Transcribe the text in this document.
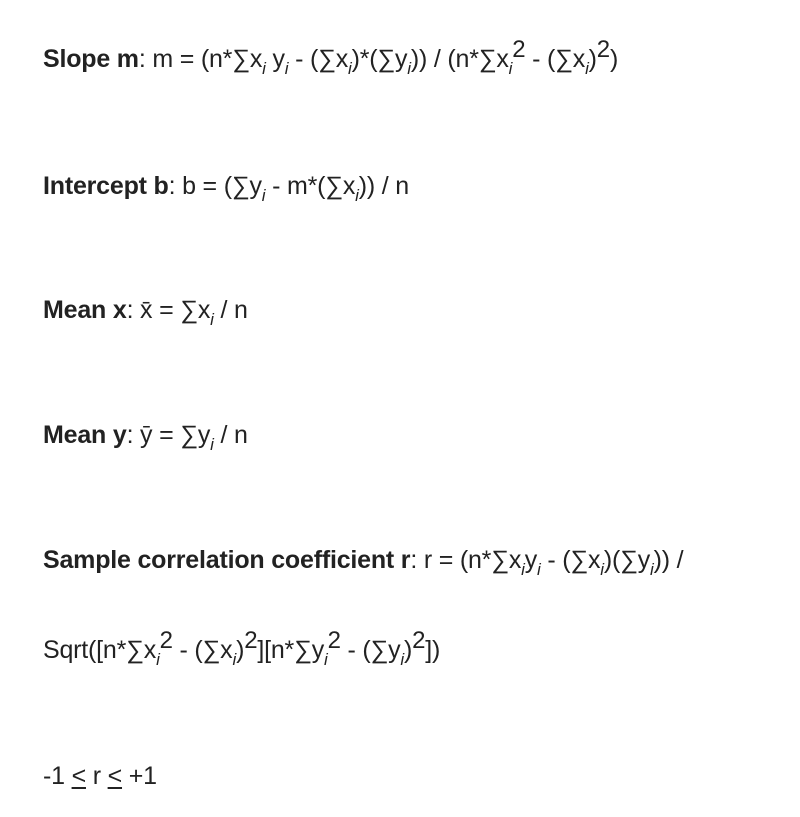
Slope m: $m = (n*\sum x_i$ $y_i - (\sum x_i)*(\sum y_i)) / (n*\sum x_i2 - (\sum x_i)2)$
Intercept b: $b = (\sum y_i - m*(\sum x_i)) / n$
Mean x: x̄ = $\sum x_i$ / n
Mean y: ȳ = $\sum y_i$ / n
Sample correlation coefficient r: $r = (n*\sum x_iy_i - (\sum x_i)(\sum y_i))$ /
$Sqrt([n*\sum x_i2 - (\sum x_i)2][n*\sum y_i2 - (\sum y_i)2])$
-1 ≤ r ≤ +1
